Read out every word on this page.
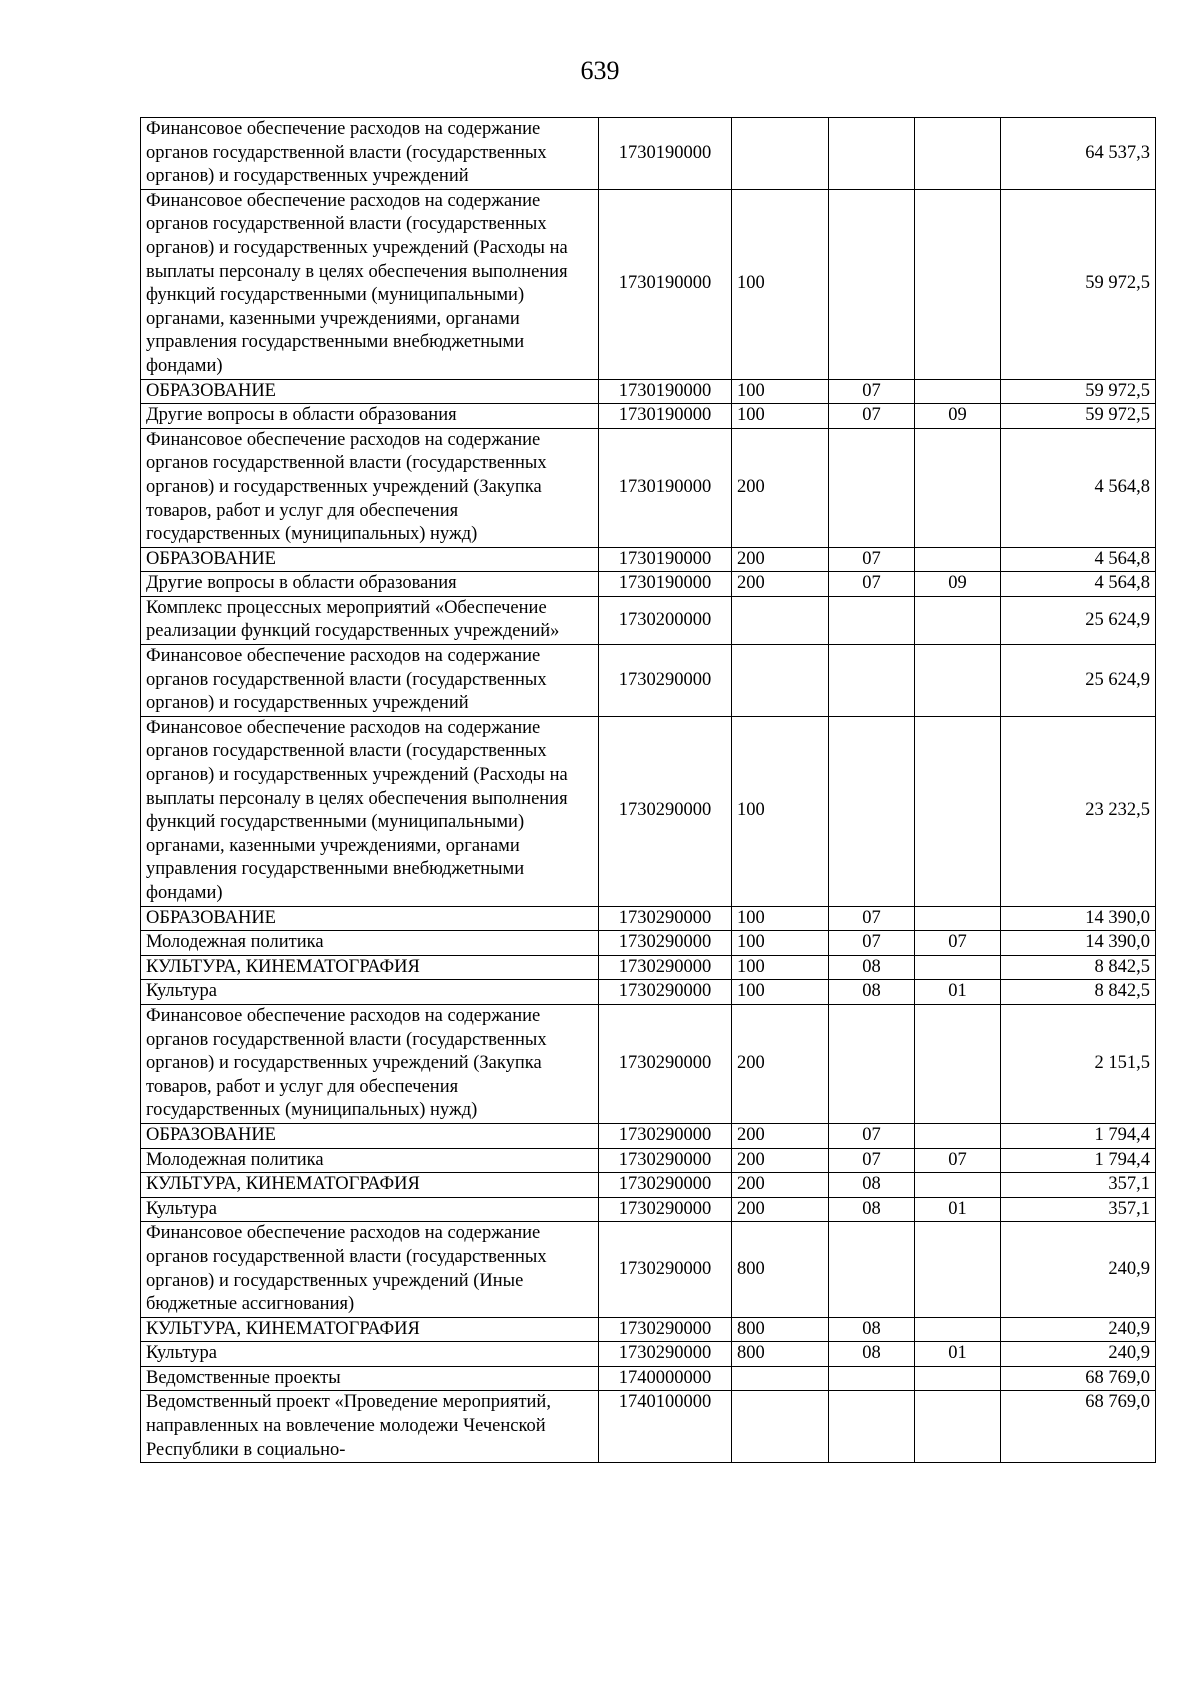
639
Финансовое обеспечение расходов на содержание органов государственной власти (государственных органов) и государственных учреждений	1730190000				64 537,3
Финансовое обеспечение расходов на содержание органов государственной власти (государственных органов) и государственных учреждений (Расходы на выплаты персоналу в целях обеспечения выполнения функций государственными (муниципальными) органами, казенными учреждениями, органами управления государственными внебюджетными фондами)	1730190000	100			59 972,5
ОБРАЗОВАНИЕ	1730190000	100	07		59 972,5
Другие вопросы в области образования	1730190000	100	07	09	59 972,5
Финансовое обеспечение расходов на содержание органов государственной власти (государственных органов) и государственных учреждений (Закупка товаров, работ и услуг для обеспечения государственных (муниципальных) нужд)	1730190000	200			4 564,8
ОБРАЗОВАНИЕ	1730190000	200	07		4 564,8
Другие вопросы в области образования	1730190000	200	07	09	4 564,8
Комплекс процессных мероприятий «Обеспечение реализации функций государственных учреждений»	1730200000				25 624,9
Финансовое обеспечение расходов на содержание органов государственной власти (государственных органов) и государственных учреждений	1730290000				25 624,9
Финансовое обеспечение расходов на содержание органов государственной власти (государственных органов) и государственных учреждений (Расходы на выплаты персоналу в целях обеспечения выполнения функций государственными (муниципальными) органами, казенными учреждениями, органами управления государственными внебюджетными фондами)	1730290000	100			23 232,5
ОБРАЗОВАНИЕ	1730290000	100	07		14 390,0
Молодежная политика	1730290000	100	07	07	14 390,0
КУЛЬТУРА, КИНЕМАТОГРАФИЯ	1730290000	100	08		8 842,5
Культура	1730290000	100	08	01	8 842,5
Финансовое обеспечение расходов на содержание органов государственной власти (государственных органов) и государственных учреждений (Закупка товаров, работ и услуг для обеспечения государственных (муниципальных) нужд)	1730290000	200			2 151,5
ОБРАЗОВАНИЕ	1730290000	200	07		1 794,4
Молодежная политика	1730290000	200	07	07	1 794,4
КУЛЬТУРА, КИНЕМАТОГРАФИЯ	1730290000	200	08		357,1
Культура	1730290000	200	08	01	357,1
Финансовое обеспечение расходов на содержание органов государственной власти (государственных органов) и государственных учреждений (Иные бюджетные ассигнования)	1730290000	800			240,9
КУЛЬТУРА, КИНЕМАТОГРАФИЯ	1730290000	800	08		240,9
Культура	1730290000	800	08	01	240,9
Ведомственные проекты	1740000000				68 769,0
Ведомственный проект «Проведение мероприятий, направленных на вовлечение молодежи Чеченской Республики в социально-	1740100000				68 769,0
